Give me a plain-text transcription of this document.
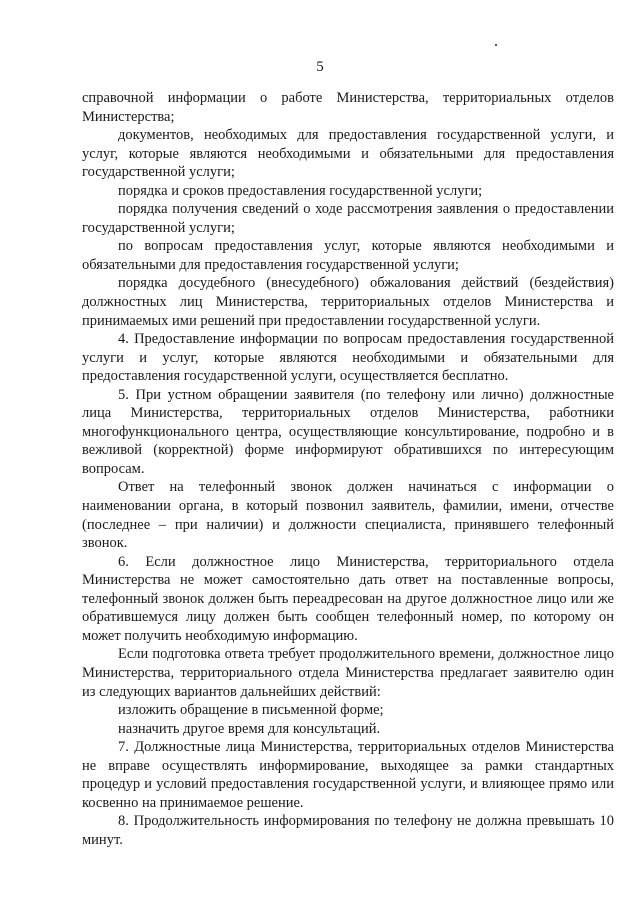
5

справочной информации о работе Министерства, территориальных отделов Министерства;

документов, необходимых для предоставления государственной услуги, и услуг, которые являются необходимыми и обязательными для предоставления государственной услуги;

порядка и сроков предоставления государственной услуги;

порядка получения сведений о ходе рассмотрения заявления о предоставлении государственной услуги;

по вопросам предоставления услуг, которые являются необходимыми и обязательными для предоставления государственной услуги;

порядка досудебного (внесудебного) обжалования действий (бездействия) должностных лиц Министерства, территориальных отделов Министерства и принимаемых ими решений при предоставлении государственной услуги.

4. Предоставление информации по вопросам предоставления государственной услуги и услуг, которые являются необходимыми и обязательными для предоставления государственной услуги, осуществляется бесплатно.

5. При устном обращении заявителя (по телефону или лично) должностные лица Министерства, территориальных отделов Министерства, работники многофункционального центра, осуществляющие консультирование, подробно и в вежливой (корректной) форме информируют обратившихся по интересующим вопросам.

Ответ на телефонный звонок должен начинаться с информации о наименовании органа, в который позвонил заявитель, фамилии, имени, отчестве (последнее – при наличии) и должности специалиста, принявшего телефонный звонок.

6. Если должностное лицо Министерства, территориального отдела Министерства не может самостоятельно дать ответ на поставленные вопросы, телефонный звонок должен быть переадресован на другое должностное лицо или же обратившемуся лицу должен быть сообщен телефонный номер, по которому он может получить необходимую информацию.

Если подготовка ответа требует продолжительного времени, должностное лицо Министерства, территориального отдела Министерства предлагает заявителю один из следующих вариантов дальнейших действий:

изложить обращение в письменной форме;

назначить другое время для консультаций.

7. Должностные лица Министерства, территориальных отделов Министерства не вправе осуществлять информирование, выходящее за рамки стандартных процедур и условий предоставления государственной услуги, и влияющее прямо или косвенно на принимаемое решение.

8. Продолжительность информирования по телефону не должна превышать 10 минут.
